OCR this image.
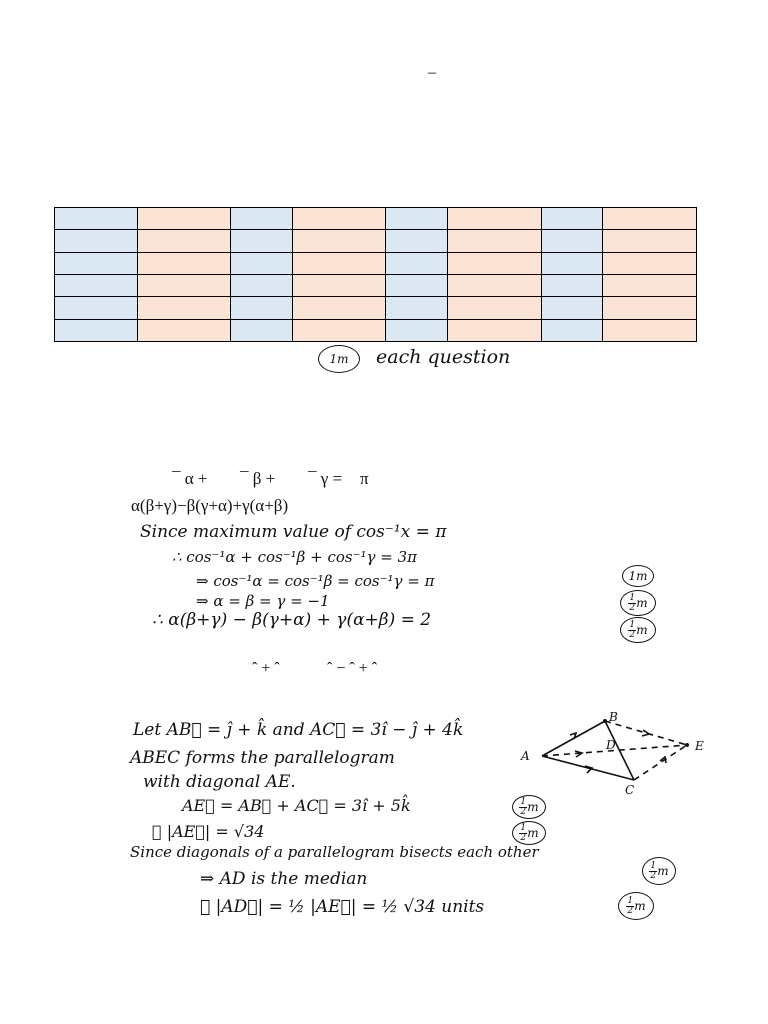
–

1m each question
¯ α + ¯ β + ¯ γ = π
α(β+γ)−β(γ+α)+γ(α+β)
Since maximum value of cos⁻¹x = π
∴ cos⁻¹α + cos⁻¹β + cos⁻¹γ = 3π
⇒ cos⁻¹α = cos⁻¹β = cos⁻¹γ = π
⇒ α = β = γ = −1
∴ α(β+γ) − β(γ+α) + γ(α+β) = 2
1m
$\frac{1}{2}$ m
$\frac{1}{2}$ m
ˆ + ˆ	ˆ − ˆ + ˆ
Let AB⃗ = ĵ + k̂ and AC⃗ = 3î − ĵ + 4k̂
ABEC forms the parallelogram
with diagonal AE.
AE⃗ = AB⃗ + AC⃗ = 3î + 5k̂
∴ |AE⃗| = √34
Since diagonals of a parallelogram bisects each other
⇒ AD is the median
∴ |AD⃗| = ½ |AE⃗| = ½ √34 units
$\frac{1}{2}$ m
$\frac{1}{2}$ m
$\frac{1}{2}$ m
$\frac{1}{2}$ m
A
B
C
D	E
